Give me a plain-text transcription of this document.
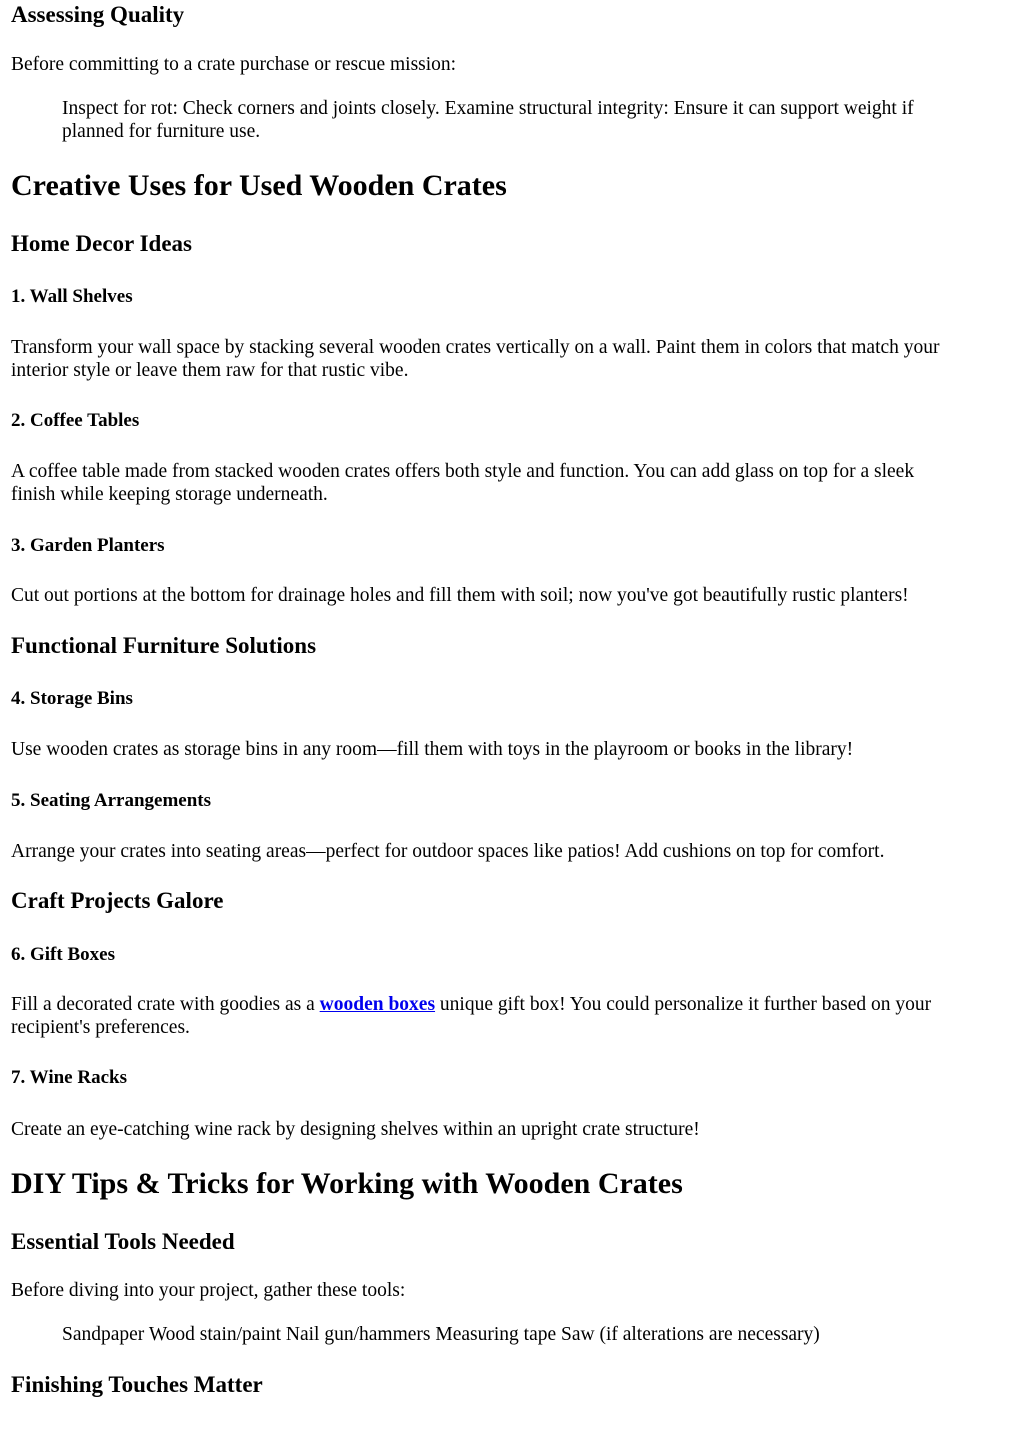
Assessing Quality

Before committing to a crate purchase or rescue mission:

Inspect for rot: Check corners and joints closely. Examine structural integrity: Ensure it can support weight if
planned for furniture use.
Creative Uses for Used Wooden Crates
Home Decor Ideas
1. Wall Shelves

Transform your wall space by stacking several wooden crates vertically on a wall. Paint them in colors that match your
interior style or leave them raw for that rustic vibe.

2. Coffee Tables

A coffee table made from stacked wooden crates offers both style and function. You can add glass on top for a sleek
finish while keeping storage underneath.

3. Garden Planters

Cut out portions at the bottom for drainage holes and fill them with soil; now you've got beautifully rustic planters!

Functional Furniture Solutions
4. Storage Bins

Use wooden crates as storage bins in any room—fill them with toys in the playroom or books in the library!

5. Seating Arrangements

Arrange your crates into seating areas—perfect for outdoor spaces like patios! Add cushions on top for comfort.

Craft Projects Galore
6. Gift Boxes

Fill a decorated crate with goodies as a wooden boxes unique gift box! You could personalize it further based on your
recipient's preferences.

7. Wine Racks

Create an eye-catching wine rack by designing shelves within an upright crate structure!

DIY Tips & Tricks for Working with Wooden Crates
Essential Tools Needed

Before diving into your project, gather these tools:

Sandpaper Wood stain/paint Nail gun/hammers Measuring tape Saw (if alterations are necessary)
Finishing Touches Matter
